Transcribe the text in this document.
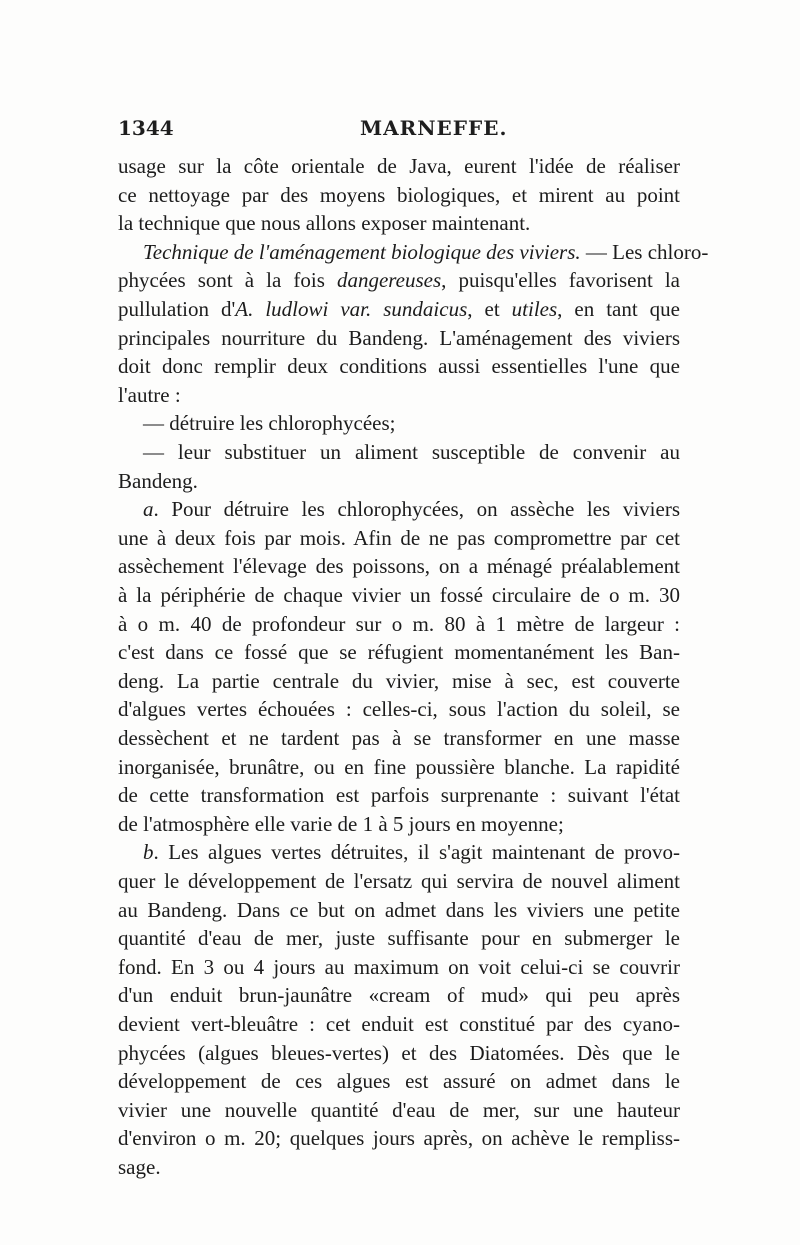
1344	MARNEFFE.
usage sur la côte orientale de Java, eurent l'idée de réaliser
ce nettoyage par des moyens biologiques, et mirent au point
la technique que nous allons exposer maintenant.
Technique de l'aménagement biologique des viviers. — Les chloro-
phycées sont à la fois dangereuses, puisqu'elles favorisent la
pullulation d'A. ludlowi var. sundaicus, et utiles, en tant que
principales nourriture du Bandeng. L'aménagement des viviers
doit donc remplir deux conditions aussi essentielles l'une que
l'autre :
— détruire les chlorophycées;
— leur substituer un aliment susceptible de convenir au
Bandeng.
a. Pour détruire les chlorophycées, on assèche les viviers
une à deux fois par mois. Afin de ne pas compromettre par cet
assèchement l'élevage des poissons, on a ménagé préalablement
à la périphérie de chaque vivier un fossé circulaire de o m. 30
à o m. 40 de profondeur sur o m. 80 à 1 mètre de largeur :
c'est dans ce fossé que se réfugient momentanément les Ban-
deng. La partie centrale du vivier, mise à sec, est couverte
d'algues vertes échouées : celles-ci, sous l'action du soleil, se
dessèchent et ne tardent pas à se transformer en une masse
inorganisée, brunâtre, ou en fine poussière blanche. La rapidité
de cette transformation est parfois surprenante : suivant l'état
de l'atmosphère elle varie de 1 à 5 jours en moyenne;
b. Les algues vertes détruites, il s'agit maintenant de provo-
quer le développement de l'ersatz qui servira de nouvel aliment
au Bandeng. Dans ce but on admet dans les viviers une petite
quantité d'eau de mer, juste suffisante pour en submerger le
fond. En 3 ou 4 jours au maximum on voit celui-ci se couvrir
d'un enduit brun-jaunâtre «cream of mud» qui peu après
devient vert-bleuâtre : cet enduit est constitué par des cyano-
phycées (algues bleues-vertes) et des Diatomées. Dès que le
développement de ces algues est assuré on admet dans le
vivier une nouvelle quantité d'eau de mer, sur une hauteur
d'environ o m. 20; quelques jours après, on achève le rempliss-
sage.
